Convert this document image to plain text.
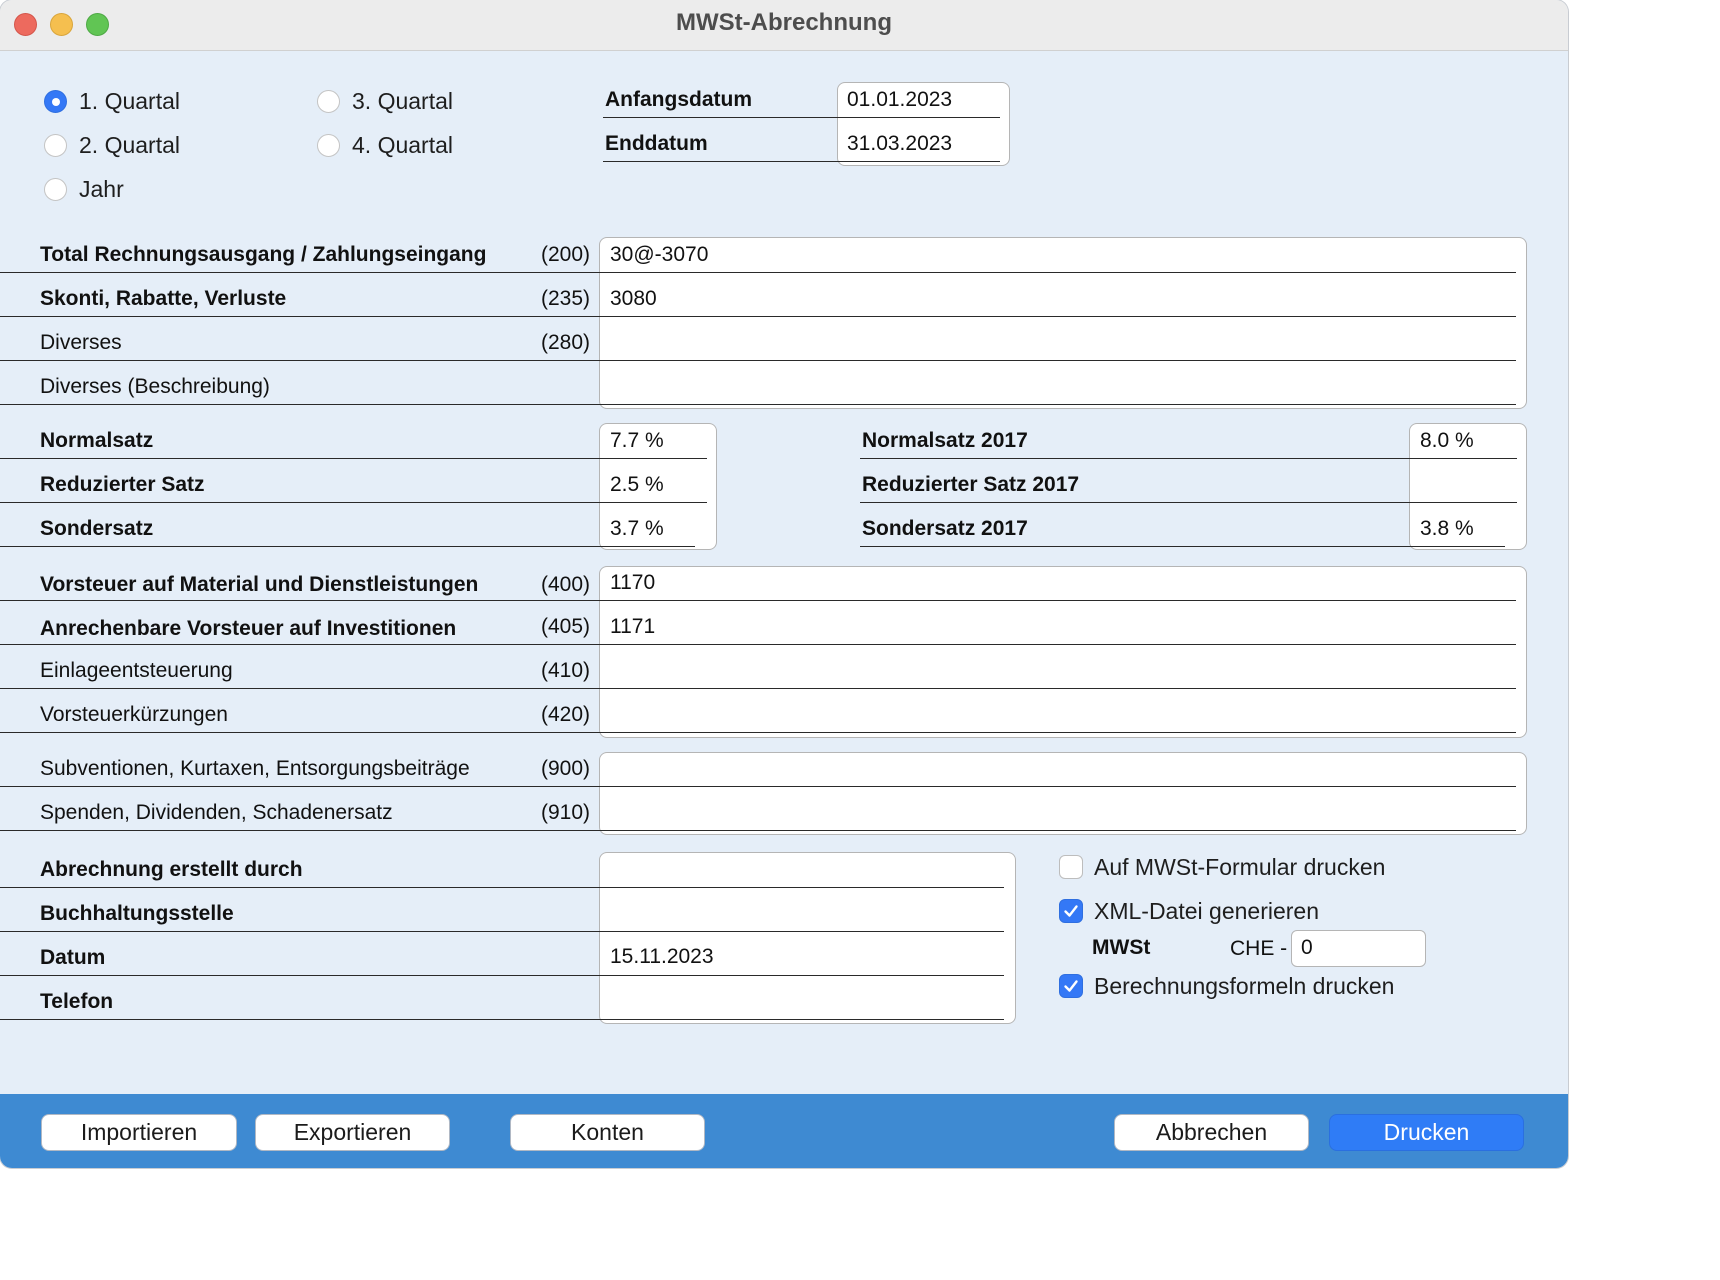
MWSt-Abrechnung
1. Quartal
2. Quartal
Jahr
3. Quartal
4. Quartal
Anfangsdatum	01.01.2023
Enddatum	31.03.2023
Total Rechnungsausgang / Zahlungseingang	(200) 30@-3070
Skonti, Rabatte, Verluste	(235) 3080
Diverses	(280)
Diverses (Beschreibung)
Normalsatz	7.7 %	Normalsatz 2017	8.0 %
Reduzierter Satz	2.5 %	Reduzierter Satz 2017
Sondersatz	3.7 %	Sondersatz 2017	3.8 %
Vorsteuer auf Material und Dienstleistungen	(400) 1170
Anrechenbare Vorsteuer auf Investitionen	(405) 1171
Einlageentsteuerung	(410)
Vorsteuerkürzungen	(420)
Subventionen, Kurtaxen, Entsorgungsbeiträge	(900)
Spenden, Dividenden, Schadenersatz	(910)
Abrechnung erstellt durch
Buchhaltungsstelle
Datum	15.11.2023
Telefon
Auf MWSt-Formular drucken
XML-Datei generieren
MWSt	CHE - 0
Berechnungsformeln drucken
Importieren	Exportieren	Konten	Abbrechen	Drucken
